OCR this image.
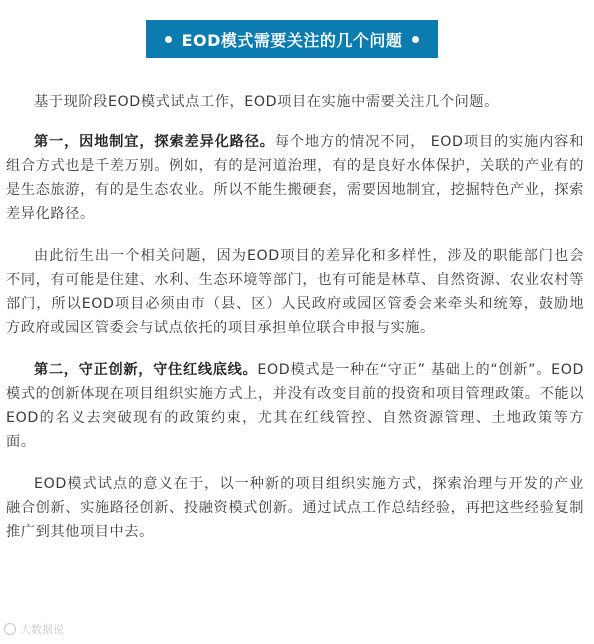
EOD模式需要关注的几个问题

基于现阶段EOD模式试点工作，EOD项目在实施中需要关注几个问题。

第一，因地制宜，探索差异化路径。每个地方的情况不同， EOD项目的实施内容和组合方式也是千差万别。例如，有的是河道治理，有的是良好水体保护，关联的产业有的是生态旅游，有的是生态农业。所以不能生搬硬套，需要因地制宜，挖掘特色产业，探索差异化路径。

由此衍生出一个相关问题，因为EOD项目的差异化和多样性，涉及的职能部门也会不同，有可能是住建、水利、生态环境等部门，也有可能是林草、自然资源、农业农村等部门，所以EOD项目必须由市（县、区）人民政府或园区管委会来牵头和统筹，鼓励地方政府或园区管委会与试点依托的项目承担单位联合申报与实施。

第二，守正创新，守住红线底线。EOD模式是一种在“守正” 基础上的“创新”。EOD模式的创新体现在项目组织实施方式上，并没有改变目前的投资和项目管理政策。不能以EOD的名义去突破现有的政策约束，尤其在红线管控、自然资源管理、土地政策等方面。

EOD模式试点的意义在于，以一种新的项目组织实施方式，探索治理与开发的产业融合创新、实施路径创新、投融资模式创新。通过试点工作总结经验，再把这些经验复制推广到其他项目中去。

大数据说
